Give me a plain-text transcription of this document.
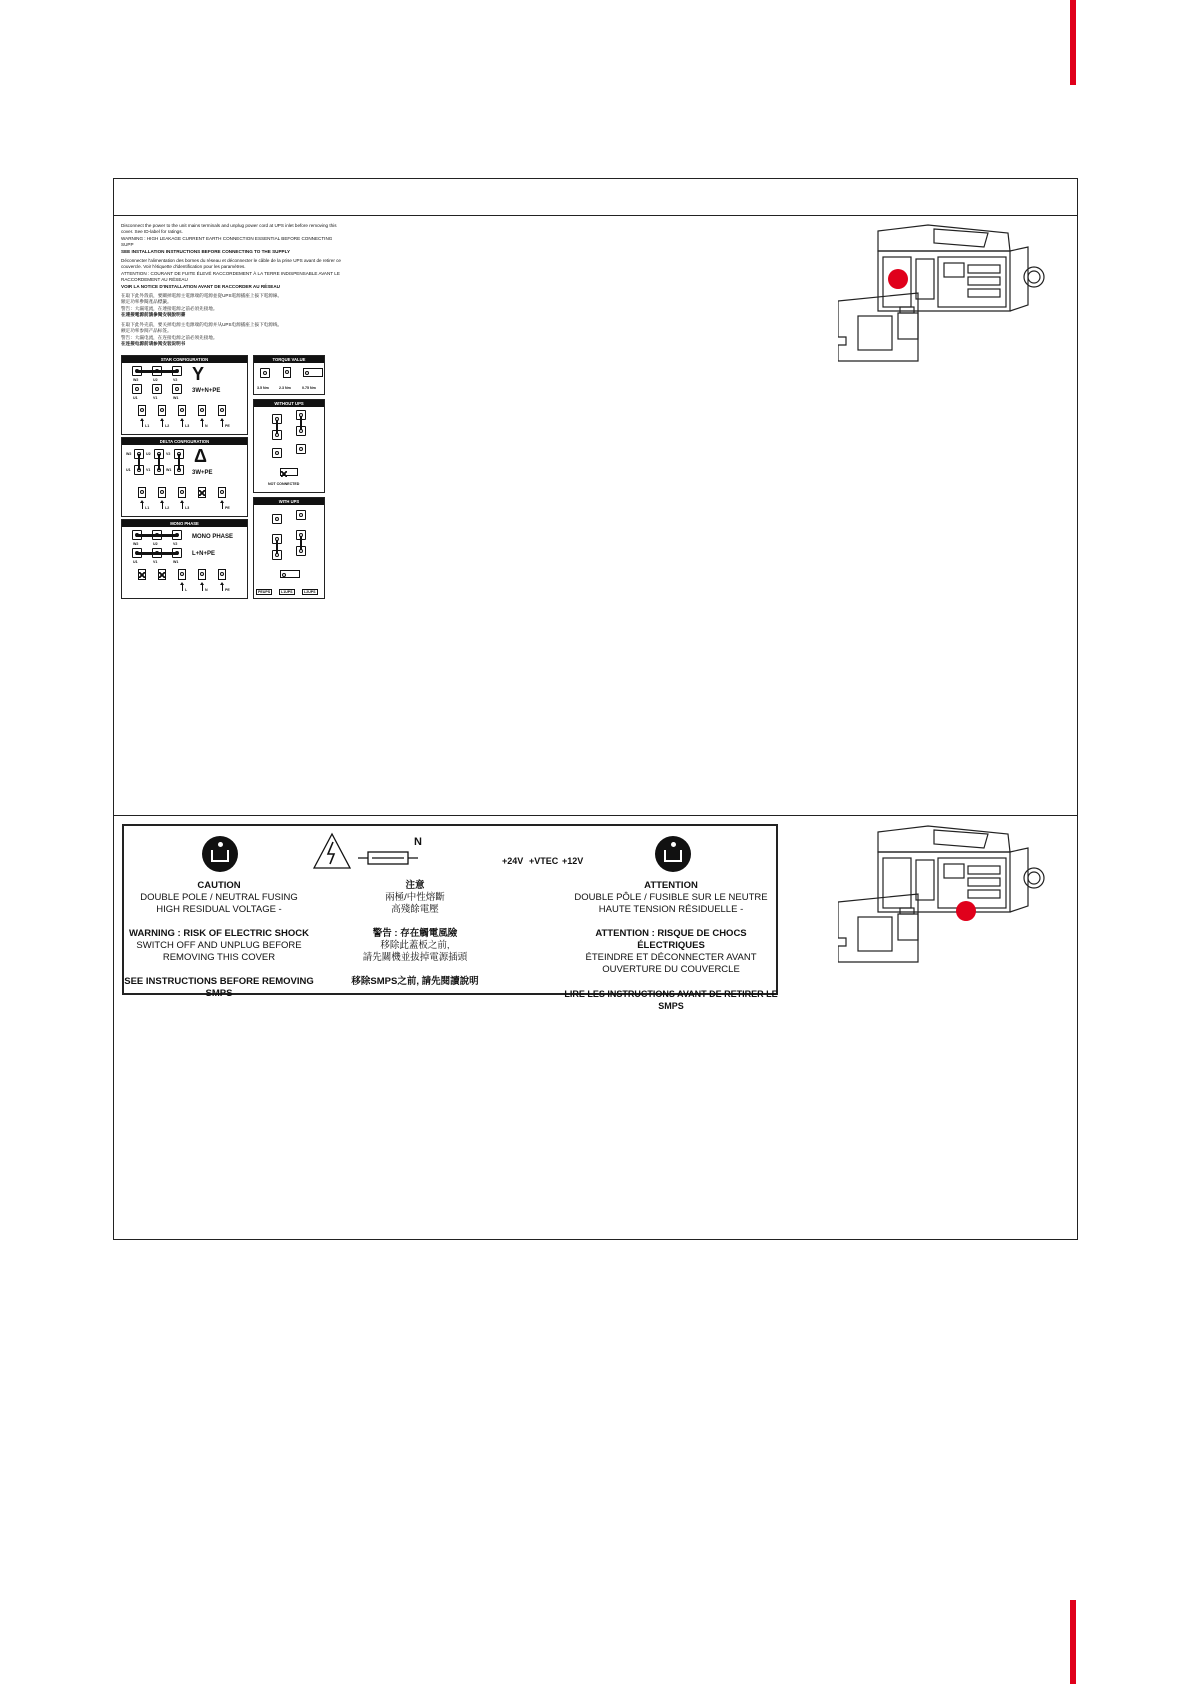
Disconnect the power to the unit mains terminals and unplug power cord at UPS inlet before removing this cover. See ID-label for ratings.
WARNING : HIGH LEAKAGE CURRENT EARTH CONNECTION ESSENTIAL BEFORE CONNECTING SUPP
SEE INSTALLATION INSTRUCTIONS BEFORE CONNECTING TO THE SUPPLY
Déconnecter l'alimentation des bornes du réseau et déconnecter le câble de la prise UPS avant de retirer ce couvercle. Voir l'étiquette d'identification pour les paramètres.
ATTENTION : COURANT DE FUITE ÉLEVÉ RACCORDEMENT À LA TERRE INDISPENSABLE AVANT LE RACCORDEMENT AU RÉSEAU
VOIR LA NOTICE D'INSTALLATION AVANT DE RACCORDER AU RÉSEAU
在取下此外殼前，要關掉電源主電源端的電源並從UPS電源插座上拔下電源線。
額定功率參閱產品標籤。
警告：大漏電流，在連接電源之前必須先接地。
在連接電源前請參閱安裝說明書
在取下此外壳前，要关掉电源主电源端的电源并从UPS电源插座上拔下电源线。
额定功率参阅产品标签。
警告：大漏电流，在连接电源之前必须先接地。
在连接电源前请参阅安装说明书
STAR CONFIGURATION
W2	U2	V2
U1	V1	W1
Y
3W+N+PE
L1	L2	L3	N	PE
DELTA CONFIGURATION
W2
U1
U2
V1
V2
W1
Δ
3W+PE
L1	L2	L3	PE
MONO PHASE
W2	U2	V2
U1	V1	W1
MONO PHASE
L+N+PE
L	N	PE
TORQUE VALUE
3.5 Nm	2.3 Nm	0.75 Nm
WITHOUT UPS
NOT CONNECTED
WITH UPS
PEUPS	L1UPS	L2UPS
CAUTION
DOUBLE POLE / NEUTRAL FUSING
HIGH RESIDUAL VOLTAGE -
WARNING : RISK OF ELECTRIC SHOCK
SWITCH OFF AND UNPLUG BEFORE
REMOVING THIS COVER
SEE INSTRUCTIONS BEFORE REMOVING SMPS
N
注意
兩極/中性熔斷
高殘餘電壓
警告 : 存在觸電風險
移除此蓋板之前,
請先關機並拔掉電源插頭
移除SMPS之前, 請先閱讀說明
+24V +VTEC +12V
ATTENTION
DOUBLE PÔLE / FUSIBLE SUR LE NEUTRE
HAUTE TENSION RÉSIDUELLE -
ATTENTION : RISQUE DE CHOCS ÉLECTRIQUES
ÉTEINDRE ET DÉCONNECTER AVANT
OUVERTURE DU COUVERCLE
LIRE LES INSTRUCTIONS AVANT DE RETIRER LE SMPS
